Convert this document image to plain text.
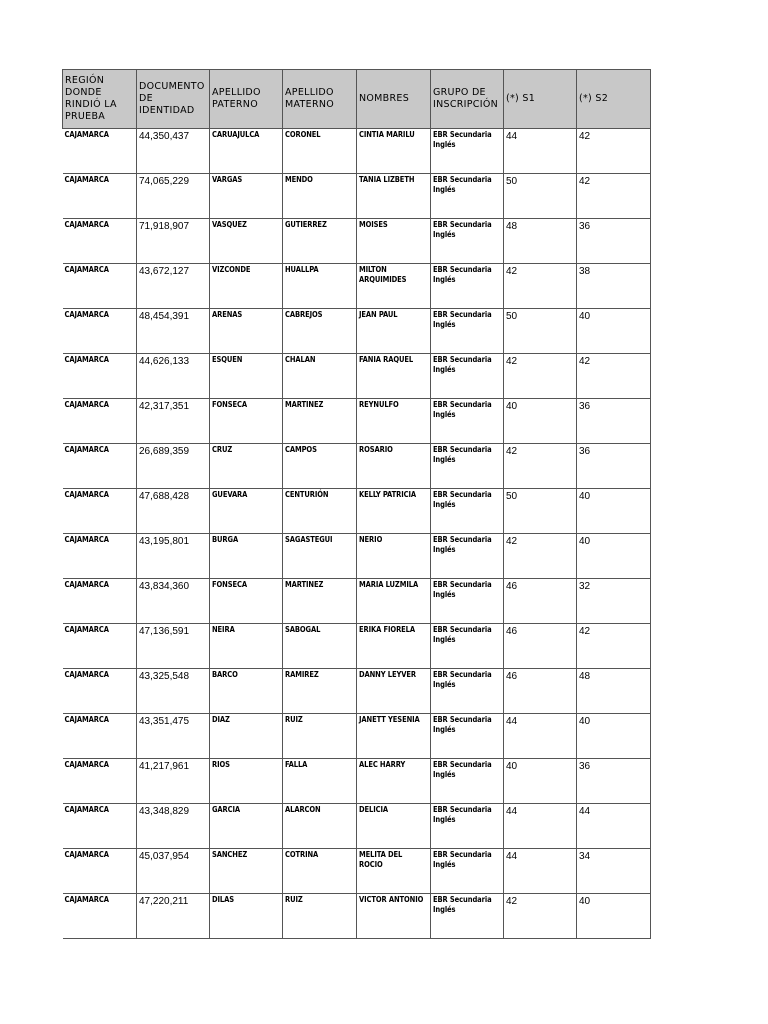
REGIÓN DONDE RINDIÓ LA PRUEBA	DOCUMENTO DE IDENTIDAD	APELLIDO PATERNO	APELLIDO MATERNO	NOMBRES	GRUPO DE INSCRIPCIÓN	(*) S1	(*) S2
CAJAMARCA	44,350,437	CARUAJULCA	CORONEL	CINTIA MARILU	EBR Secundaria Inglés	44	42
CAJAMARCA	74,065,229	VARGAS	MENDO	TANIA LIZBETH	EBR Secundaria Inglés	50	42
CAJAMARCA	71,918,907	VASQUEZ	GUTIERREZ	MOISES	EBR Secundaria Inglés	48	36
CAJAMARCA	43,672,127	VIZCONDE	HUALLPA	MILTON ARQUIMIDES	EBR Secundaria Inglés	42	38
CAJAMARCA	48,454,391	ARENAS	CABREJOS	JEAN PAUL	EBR Secundaria Inglés	50	40
CAJAMARCA	44,626,133	ESQUEN	CHALAN	FANIA RAQUEL	EBR Secundaria Inglés	42	42
CAJAMARCA	42,317,351	FONSECA	MARTINEZ	REYNULFO	EBR Secundaria Inglés	40	36
CAJAMARCA	26,689,359	CRUZ	CAMPOS	ROSARIO	EBR Secundaria Inglés	42	36
CAJAMARCA	47,688,428	GUEVARA	CENTURIÓN	KELLY PATRICIA	EBR Secundaria Inglés	50	40
CAJAMARCA	43,195,801	BURGA	SAGASTEGUI	NERIO	EBR Secundaria Inglés	42	40
CAJAMARCA	43,834,360	FONSECA	MARTINEZ	MARIA LUZMILA	EBR Secundaria Inglés	46	32
CAJAMARCA	47,136,591	NEIRA	SABOGAL	ERIKA FIORELA	EBR Secundaria Inglés	46	42
CAJAMARCA	43,325,548	BARCO	RAMIREZ	DANNY LEYVER	EBR Secundaria Inglés	46	48
CAJAMARCA	43,351,475	DIAZ	RUIZ	JANETT YESENIA	EBR Secundaria Inglés	44	40
CAJAMARCA	41,217,961	RIOS	FALLA	ALEC HARRY	EBR Secundaria Inglés	40	36
CAJAMARCA	43,348,829	GARCIA	ALARCON	DELICIA	EBR Secundaria Inglés	44	44
CAJAMARCA	45,037,954	SANCHEZ	COTRINA	MELITA DEL ROCIO	EBR Secundaria Inglés	44	34
CAJAMARCA	47,220,211	DILAS	RUIZ	VICTOR ANTONIO	EBR Secundaria Inglés	42	40
